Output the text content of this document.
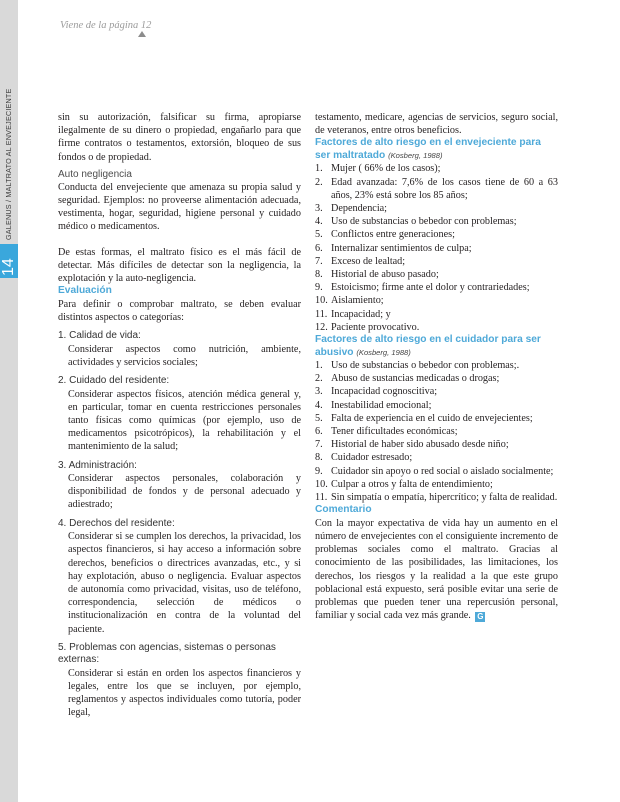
GALENUS / MALTRATO AL ENVEJECIENTE
14
Viene de la página 12

sin su autorización, falsificar su firma, apropiarse ilegalmente de su dinero o propiedad, engañarlo para que firme contratos o testamentos, extorsión, bloqueo de sus fondos o de propiedad.

Auto negligencia

Conducta del envejeciente que amenaza su propia salud y seguridad. Ejemplos: no proveerse alimentación adecuada, vestimenta, hogar, seguridad, higiene personal y cuidado médico o medicamentos.

De estas formas, el maltrato físico es el más fácil de detectar. Más difíciles de detectar son la negligencia, la explotación y la auto-negligencia.

Evaluación

Para definir o comprobar maltrato, se deben evaluar distintos aspectos o categorías:

1. Calidad de vida:
Considerar aspectos como nutrición, ambiente, actividades y servicios sociales;
2. Cuidado del residente:
Considerar aspectos físicos, atención médica general y, en particular, tomar en cuenta restricciones personales tanto físicas como químicas (por ejemplo, uso de medicamentos psicotrópicos), la rehabilitación y el mantenimiento de la salud;
3. Administración:
Considerar aspectos personales, colaboración y disponibilidad de fondos y de personal adecuado y adiestrado;
4. Derechos del residente:
Considerar si se cumplen los derechos, la privacidad, los aspectos financieros, si hay acceso a información sobre derechos, beneficios o directrices avanzadas, etc., y si hay explotación, abuso o negligencia. Evaluar aspectos de autonomía como privacidad, visitas, uso de teléfono, correspondencia, selección de médicos o institucionalización en contra de la voluntad del paciente.
5. Problemas con agencias, sistemas o personas externas:
Considerar si están en orden los aspectos financieros y legales, entre los que se incluyen, por ejemplo, reglamentos y aspectos individuales como tutoría, poder legal,

testamento, medicare, agencias de servicios, seguro social, de veteranos, entre otros beneficios.

Factores de alto riesgo en el envejeciente para ser maltratado (Kosberg, 1988)
1. Mujer ( 66% de los casos);
2. Edad avanzada: 7,6% de los casos tiene de 60 a 63 años, 23% está sobre los 85 años;
3. Dependencia;
4. Uso de substancias o bebedor con problemas;
5. Conflictos entre generaciones;
6. Internalizar sentimientos de culpa;
7. Exceso de lealtad;
8. Historial de abuso pasado;
9. Estoicismo; firme ante el dolor y contrariedades;
10. Aislamiento;
11. Incapacidad; y
12. Paciente provocativo.
Factores de alto riesgo en el cuidador para ser abusivo (Kosberg, 1988)
1. Uso de substancias o bebedor con problemas;.
2. Abuso de sustancias medicadas o drogas;
3. Incapacidad cognoscitiva;
4. Inestabilidad emocional;
5. Falta de experiencia en el cuido de envejecientes;
6. Tener dificultades económicas;
7. Historial de haber sido abusado desde niño;
8. Cuidador estresado;
9. Cuidador sin apoyo o red social o aislado socialmente;
10. Culpar a otros y falta de entendimiento;
11. Sin simpatía o empatía, hipercrítico; y falta de realidad.
Comentario

Con la mayor expectativa de vida hay un aumento en el número de envejecientes con el consiguiente incremento de problemas sociales como el maltrato. Gracias al conocimiento de las posibilidades, las limitaciones, los derechos, los riesgos y la realidad a la que este grupo poblacional está expuesto, será posible evitar una serie de problemas que pueden tener una repercusión personal, familiar y social cada vez más grande. G
